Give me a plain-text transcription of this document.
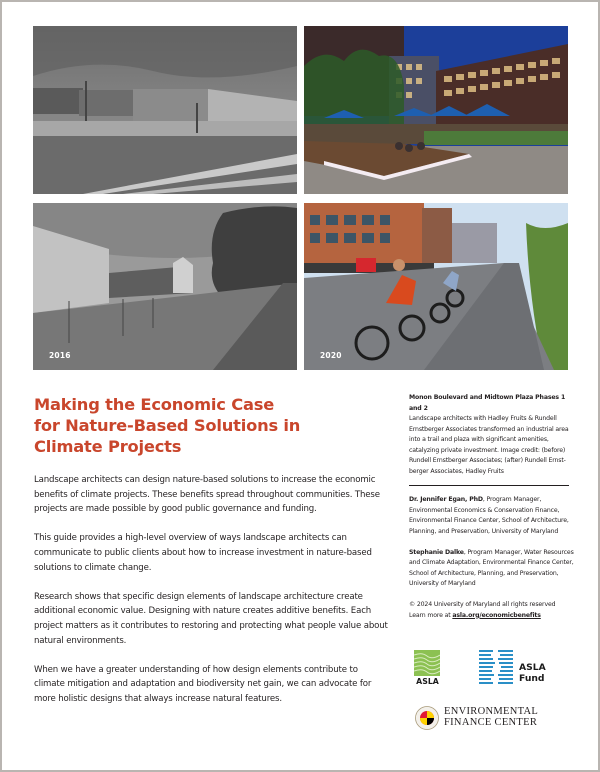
2016	2020
Making the Economic Case
for Nature-Based Solutions in
Climate Projects

Landscape architects can design nature-based solutions to increase the economic benefits of climate projects. These benefits spread throughout communities. These projects are made possible by good public governance and funding.

This guide provides a high-level overview of ways landscape architects can communicate to public clients about how to increase investment in nature-based solutions to climate change.

Research shows that specific design elements of landscape architecture create additional economic value. Designing with nature creates additive benefits. Each project matters as it contributes to restoring and protecting what people value about natural environments.

When we have a greater understanding of how design elements contribute to climate mitigation and adaptation and biodiversity net gain, we can advocate for more holistic designs that always increase natural features.

Monon Boulevard and Midtown Plaza Phases 1 and 2

Landscape architects with Hadley Fruits & Rundell Ernstberger Associates transformed an industrial area into a trail and plaza with significant amenities, catalyzing private investment. Image credit: (before) Rundell Ernstberger Associates; (after) Rundell Ernst-berger Associates, Hadley Fruits

Dr. Jennifer Egan, PhD, Program Manager, Environmental Economics & Conservation Finance, Environmental Finance Center, School of Architecture, Planning, and Preservation, University of Maryland

Stephanie Dalke, Program Manager, Water Resources and Climate Adaptation, Environmental Finance Center, School of Architecture, Planning, and Preservation, University of Maryland

© 2024 University of Maryland all rights reserved

Learn more at asla.org/economicbenefits

ASLA
ASLA
Fund
ENVIRONMENTAL
FINANCE CENTER
